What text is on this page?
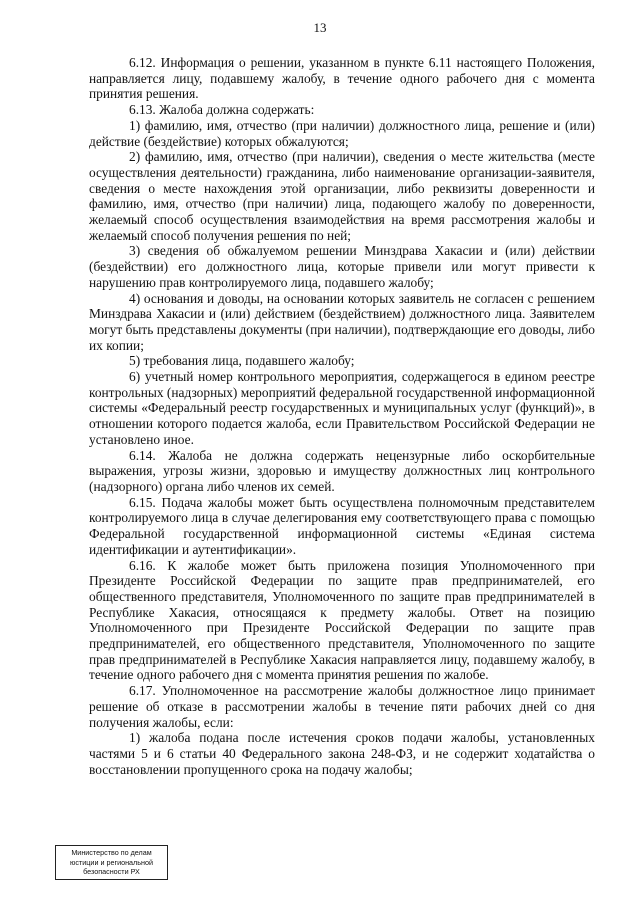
13

6.12. Информация о решении, указанном в пункте 6.11 настоящего Положения, направляется лицу, подавшему жалобу, в течение одного рабочего дня с момента принятия решения.

6.13. Жалоба должна содержать:

1) фамилию, имя, отчество (при наличии) должностного лица, решение и (или) действие (бездействие) которых обжалуются;

2) фамилию, имя, отчество (при наличии), сведения о месте жительства (месте осуществления деятельности) гражданина, либо наименование организации-заявителя, сведения о месте нахождения этой организации, либо реквизиты доверенности и фамилию, имя, отчество (при наличии) лица, подающего жалобу по доверенности, желаемый способ осуществления взаимодействия на время рассмотрения жалобы и желаемый способ получения решения по ней;

3) сведения об обжалуемом решении Минздрава Хакасии и (или) действии (бездействии) его должностного лица, которые привели или могут привести к нарушению прав контролируемого лица, подавшего жалобу;

4) основания и доводы, на основании которых заявитель не согласен с решением Минздрава Хакасии и (или) действием (бездействием) должностного лица. Заявителем могут быть представлены документы (при наличии), подтверждающие его доводы, либо их копии;

5) требования лица, подавшего жалобу;

6) учетный номер контрольного мероприятия, содержащегося в едином реестре контрольных (надзорных) мероприятий федеральной государственной информационной системы «Федеральный реестр государственных и муниципальных услуг (функций)», в отношении которого подается жалоба, если Правительством Российской Федерации не установлено иное.

6.14. Жалоба не должна содержать нецензурные либо оскорбительные выражения, угрозы жизни, здоровью и имуществу должностных лиц контрольного (надзорного) органа либо членов их семей.

6.15. Подача жалобы может быть осуществлена полномочным представителем контролируемого лица в случае делегирования ему соответствующего права с помощью Федеральной государственной информационной системы «Единая система идентификации и аутентификации».

6.16. К жалобе может быть приложена позиция Уполномоченного при Президенте Российской Федерации по защите прав предпринимателей, его общественного представителя, Уполномоченного по защите прав предпринимателей в Республике Хакасия, относящаяся к предмету жалобы. Ответ на позицию Уполномоченного при Президенте Российской Федерации по защите прав предпринимателей, его общественного представителя, Уполномоченного по защите прав предпринимателей в Республике Хакасия направляется лицу, подавшему жалобу, в течение одного рабочего дня с момента принятия решения по жалобе.

6.17. Уполномоченное на рассмотрение жалобы должностное лицо принимает решение об отказе в рассмотрении жалобы в течение пяти рабочих дней со дня получения жалобы, если:

1) жалоба подана после истечения сроков подачи жалобы, установленных частями 5 и 6 статьи 40 Федерального закона 248-ФЗ, и не содержит ходатайства о восстановлении пропущенного срока на подачу жалобы;

Министерство по делам
юстиции и региональной
безопасности РХ
